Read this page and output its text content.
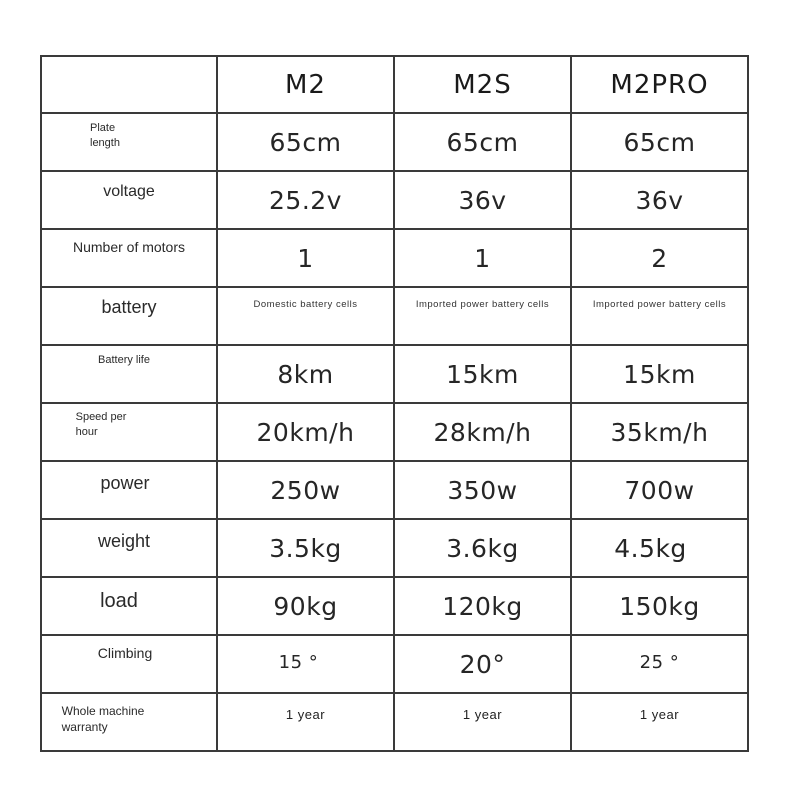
	M2	M2S	M2PRO
Plate
length	65cm	65cm	65cm
voltage	25.2v	36v	36v
Number of motors	1	1	2
battery	Domestic battery cells	Imported power battery cells	Imported power battery cells
Battery life	8km	15km	15km
Speed per
hour	20km/h	28km/h	35km/h
power	250w	350w	700w
weight	3.5kg	3.6kg	4.5kg
load	90kg	120kg	150kg
Climbing	15 °	20°	25 °
Whole machine
warranty	1 year	1 year	1 year
